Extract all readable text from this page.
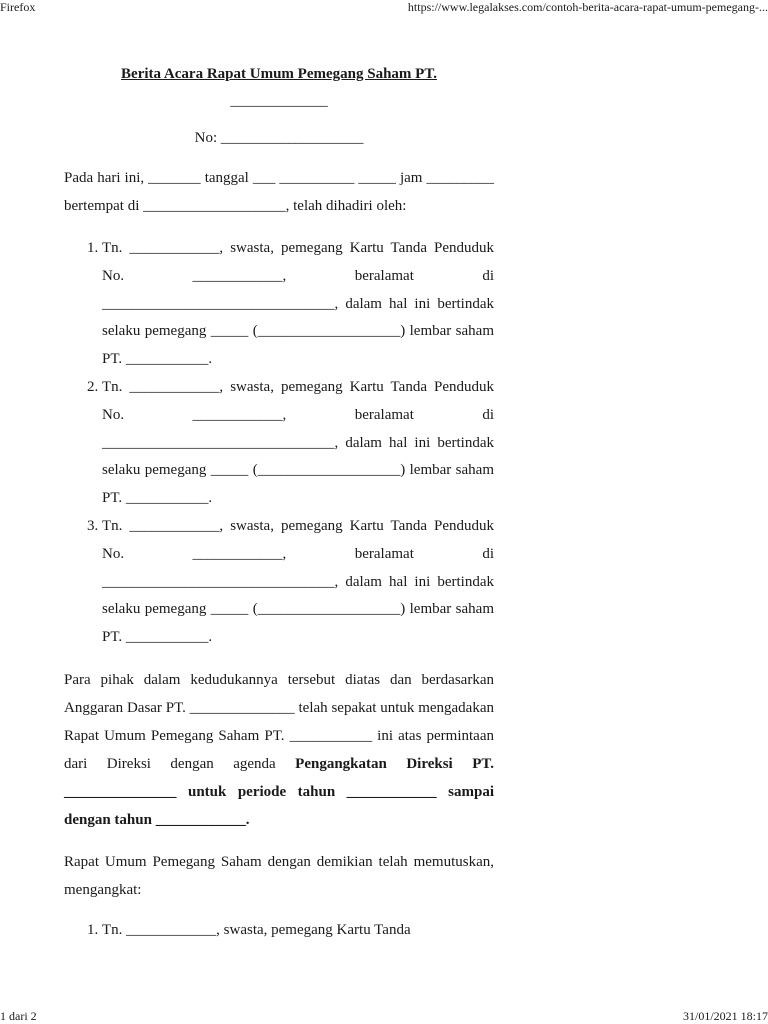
Firefox	https://www.legalakses.com/contoh-berita-acara-rapat-umum-pemegang-...
Berita Acara Rapat Umum Pemegang Saham PT.
_____________
No: ___________________

Pada hari ini, _______ tanggal ___ __________ _____ jam _________ bertempat di ___________________, telah dihadiri oleh:

1. Tn. ____________, swasta, pemegang Kartu Tanda Penduduk No. ____________, beralamat di _______________________________, dalam hal ini bertindak selaku pemegang _____ (___________________) lembar saham PT. ___________.
2. Tn. ____________, swasta, pemegang Kartu Tanda Penduduk No. ____________, beralamat di _______________________________, dalam hal ini bertindak selaku pemegang _____ (___________________) lembar saham PT. ___________.
3. Tn. ____________, swasta, pemegang Kartu Tanda Penduduk No. ____________, beralamat di _______________________________, dalam hal ini bertindak selaku pemegang _____ (___________________) lembar saham PT. ___________.

Para pihak dalam kedudukannya tersebut diatas dan berdasarkan Anggaran Dasar PT. ______________ telah sepakat untuk mengadakan Rapat Umum Pemegang Saham PT. ___________ ini atas permintaan dari Direksi dengan agenda Pengangkatan Direksi PT. _______________ untuk periode tahun ____________ sampai dengan tahun ____________.

Rapat Umum Pemegang Saham dengan demikian telah memutuskan, mengangkat:

1. Tn. ____________, swasta, pemegang Kartu Tanda
1 dari 2	31/01/2021 18:17
